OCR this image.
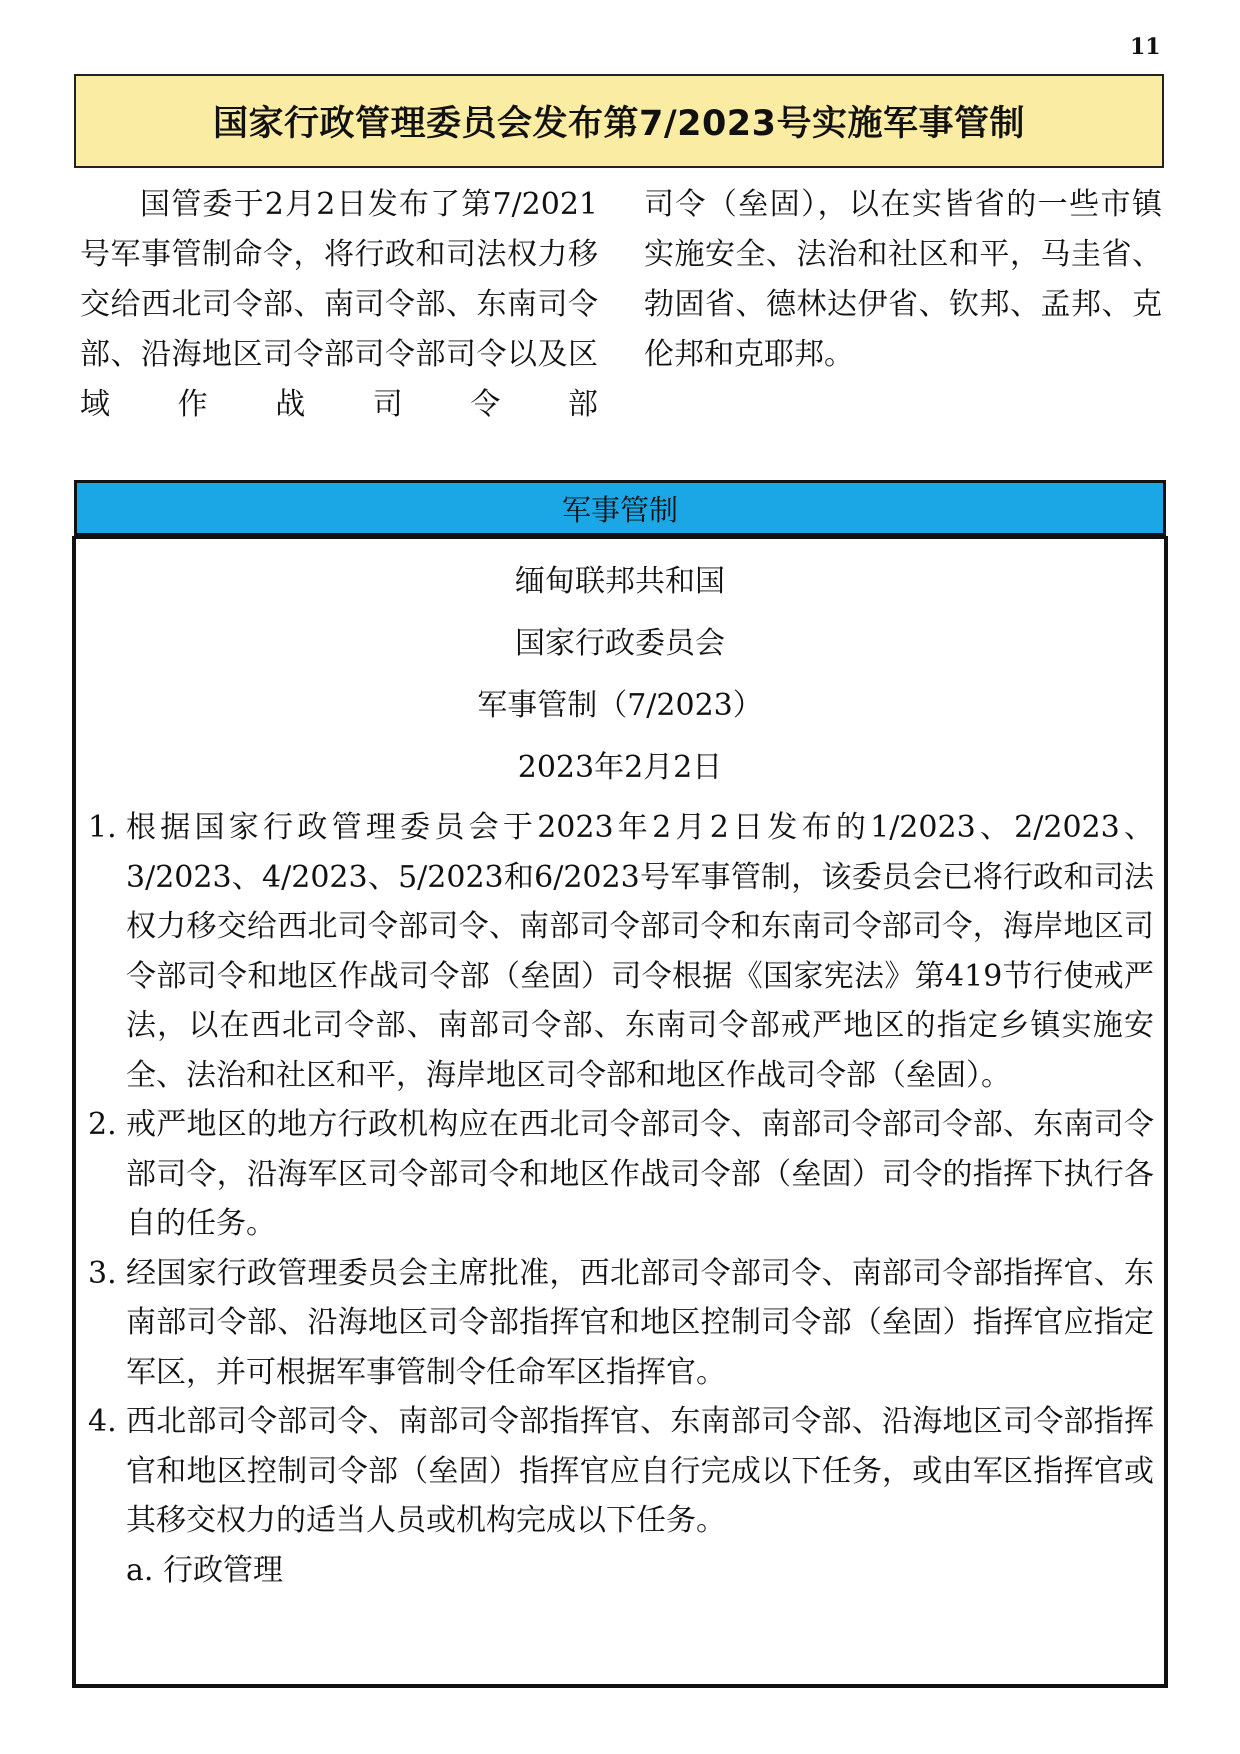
11
国家行政管理委员会发布第7/2023号实施军事管制
国管委于2月2日发布了第7/2021号军事管制命令，将行政和司法权力移交给西北司令部、南司令部、东南司令部、沿海地区司令部司令部司令以及区域作战司令部
司令（垒固），以在实皆省的一些市镇实施安全、法治和社区和平，马圭省、勃固省、德林达伊省、钦邦、孟邦、克伦邦和克耶邦。
军事管制
缅甸联邦共和国
国家行政委员会
军事管制（7/2023）
2023年2月2日
1. 根据国家行政管理委员会于2023年2月2日发布的1/2023、2/2023、3/2023、4/2023、5/2023和6/2023号军事管制，该委员会已将行政和司法权力移交给西北司令部司令、南部司令部司令和东南司令部司令，海岸地区司令部司令和地区作战司令部（垒固）司令根据《国家宪法》第419节行使戒严法，以在西北司令部、南部司令部、东南司令部戒严地区的指定乡镇实施安全、法治和社区和平，海岸地区司令部和地区作战司令部（垒固）。
2. 戒严地区的地方行政机构应在西北司令部司令、南部司令部司令部、东南司令部司令，沿海军区司令部司令和地区作战司令部（垒固）司令的指挥下执行各自的任务。
3. 经国家行政管理委员会主席批准，西北部司令部司令、南部司令部指挥官、东南部司令部、沿海地区司令部指挥官和地区控制司令部（垒固）指挥官应指定军区，并可根据军事管制令任命军区指挥官。
4. 西北部司令部司令、南部司令部指挥官、东南部司令部、沿海地区司令部指挥官和地区控制司令部（垒固）指挥官应自行完成以下任务，或由军区指挥官或其移交权力的适当人员或机构完成以下任务。
a. 行政管理
